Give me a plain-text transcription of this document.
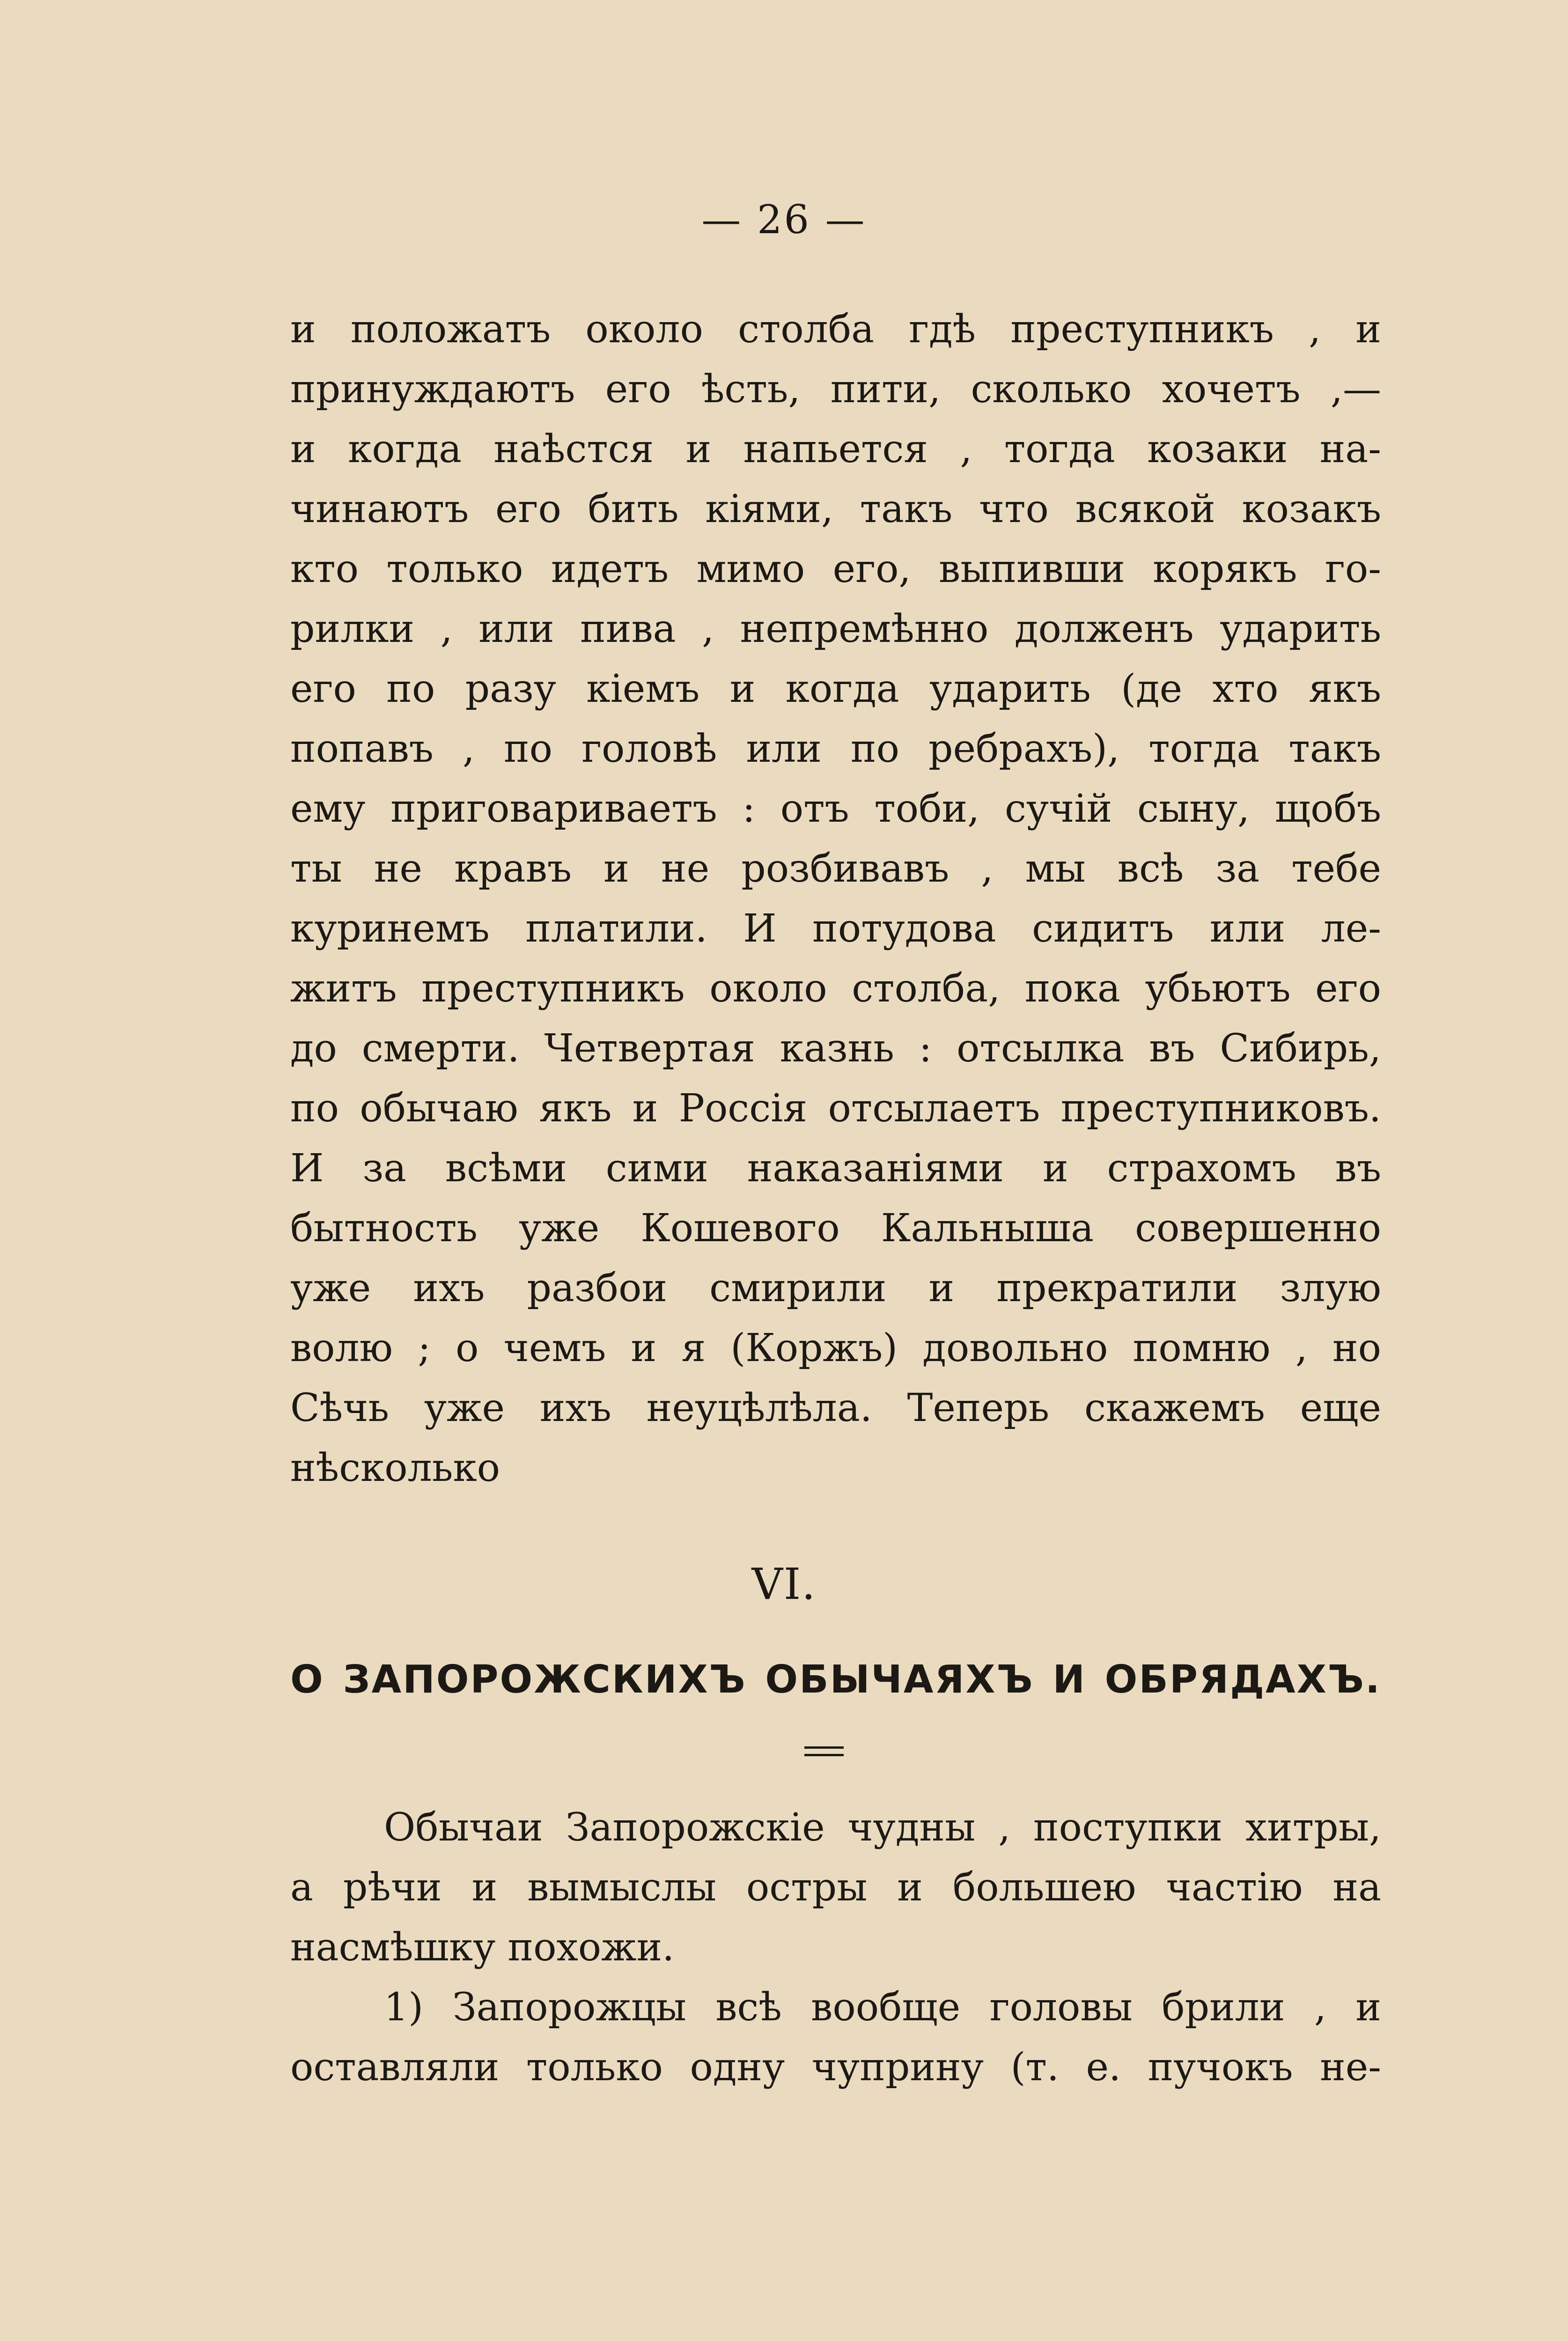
— 26 —
и положатъ около столба гдѣ преступникъ , и
принуждаютъ его ѣсть, пити, сколько хочетъ ,—
и когда наѣстся и напьется , тогда козаки на-
чинаютъ его бить кіями, такъ что всякой козакъ
кто только идетъ мимо его, выпивши корякъ го-
рилки , или пива , непремѣнно долженъ ударить
его по разу кіемъ и когда ударить (де хто якъ
попавъ , по головѣ или по ребрахъ), тогда такъ
ему приговариваетъ : отъ тоби, сучій сыну, щобъ
ты не кравъ и не розбивавъ , мы всѣ за тебе
куринемъ платили. И потудова сидитъ или ле-
житъ преступникъ около столба, пока убьютъ его
до смерти. Четвертая казнь : отсылка въ Сибирь,
по обычаю якъ и Россія отсылаетъ преступниковъ.
И за всѣми сими наказаніями и страхомъ въ
бытность уже Кошевого Кальныша совершенно
уже ихъ разбои смирили и прекратили злую
волю ; о чемъ и я (Коржъ) довольно помню , но
Сѣчь уже ихъ неуцѣлѣла. Теперь скажемъ еще
нѣсколько
VI.
О ЗАПОРОЖСКИХЪ ОБЫЧАЯХЪ И ОБРЯДАХЪ.
Обычаи Запорожскіе чудны , поступки хитры,
а рѣчи и вымыслы остры и большею частію на
насмѣшку похожи.
1) Запорожцы всѣ вообще головы брили , и
оставляли только одну чуприну (т. е. пучокъ не-
